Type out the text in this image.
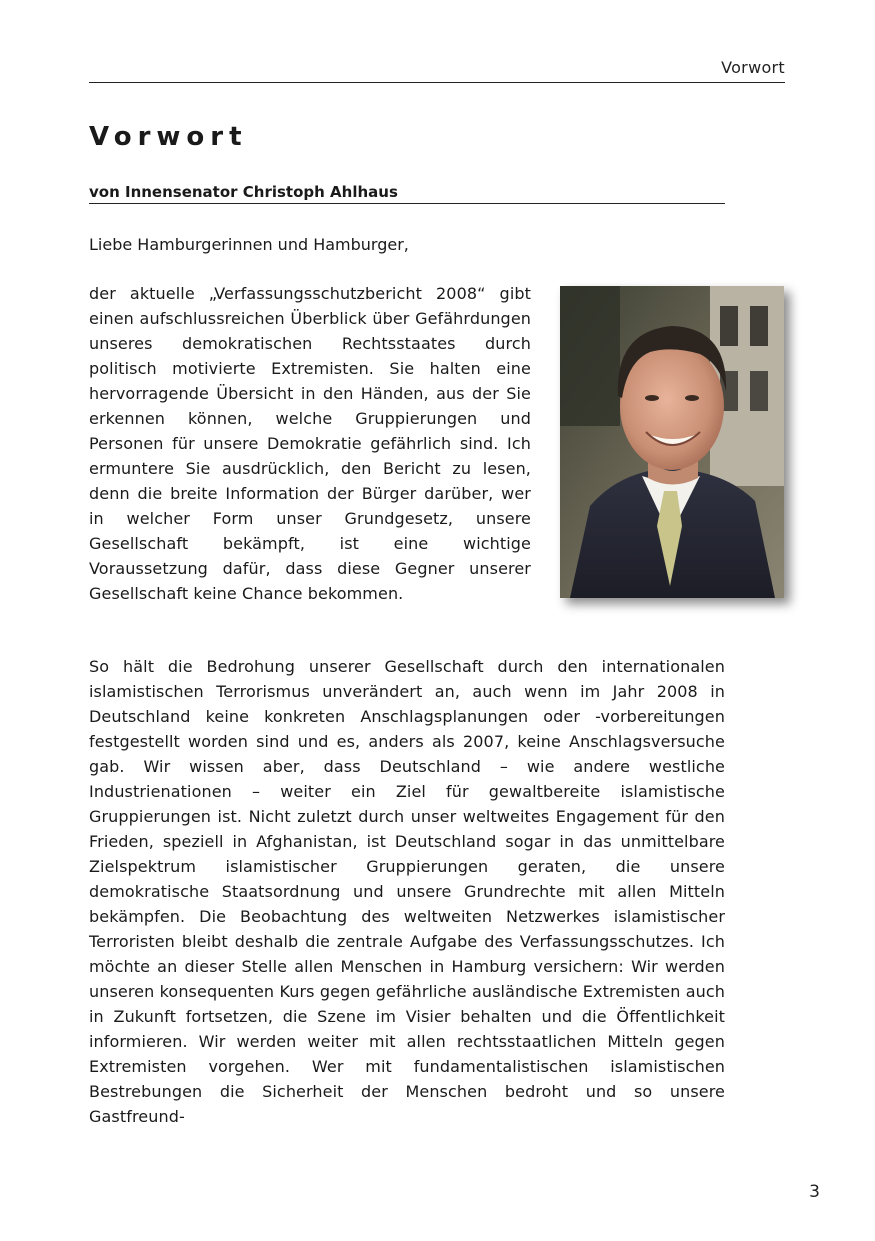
Vorwort
Vorwort
von Innensenator Christoph Ahlhaus
Liebe Hamburgerinnen und Hamburger,

der aktuelle „Verfassungsschutzbericht 2008“ gibt einen aufschlussreichen Überblick über Gefährdungen unseres demokratischen Rechtsstaates durch politisch motivierte Extremisten. Sie halten eine hervorragende Übersicht in den Händen, aus der Sie erkennen können, welche Gruppierungen und Personen für unsere Demokratie gefährlich sind. Ich ermuntere Sie ausdrücklich, den Bericht zu lesen, denn die breite Information der Bürger darüber, wer in welcher Form unser Grundgesetz, unsere Gesellschaft bekämpft, ist eine wichtige Voraussetzung dafür, dass diese Gegner unserer Gesellschaft keine Chance bekommen.

So hält die Bedrohung unserer Gesellschaft durch den internationalen islamistischen Terrorismus unverändert an, auch wenn im Jahr 2008 in Deutschland keine konkreten Anschlagsplanungen oder -vorbereitungen festgestellt worden sind und es, anders als 2007, keine Anschlagsversuche gab. Wir wissen aber, dass Deutschland – wie andere westliche Industrienationen – weiter ein Ziel für gewaltbereite islamistische Gruppierungen ist. Nicht zuletzt durch unser weltweites Engagement für den Frieden, speziell in Afghanistan, ist Deutschland sogar in das unmittelbare Zielspektrum islamistischer Gruppierungen geraten, die unsere demokratische Staatsordnung und unsere Grundrechte mit allen Mitteln bekämpfen. Die Beobachtung des weltweiten Netzwerkes islamistischer Terroristen bleibt deshalb die zentrale Aufgabe des Verfassungsschutzes. Ich möchte an dieser Stelle allen Menschen in Hamburg versichern: Wir werden unseren konsequenten Kurs gegen gefährliche ausländische Extremisten auch in Zukunft fortsetzen, die Szene im Visier behalten und die Öffentlichkeit informieren. Wir werden weiter mit allen rechtsstaatlichen Mitteln gegen Extremisten vorgehen. Wer mit fundamentalistischen islamistischen Bestrebungen die Sicherheit der Menschen bedroht und so unsere Gastfreund-

3
